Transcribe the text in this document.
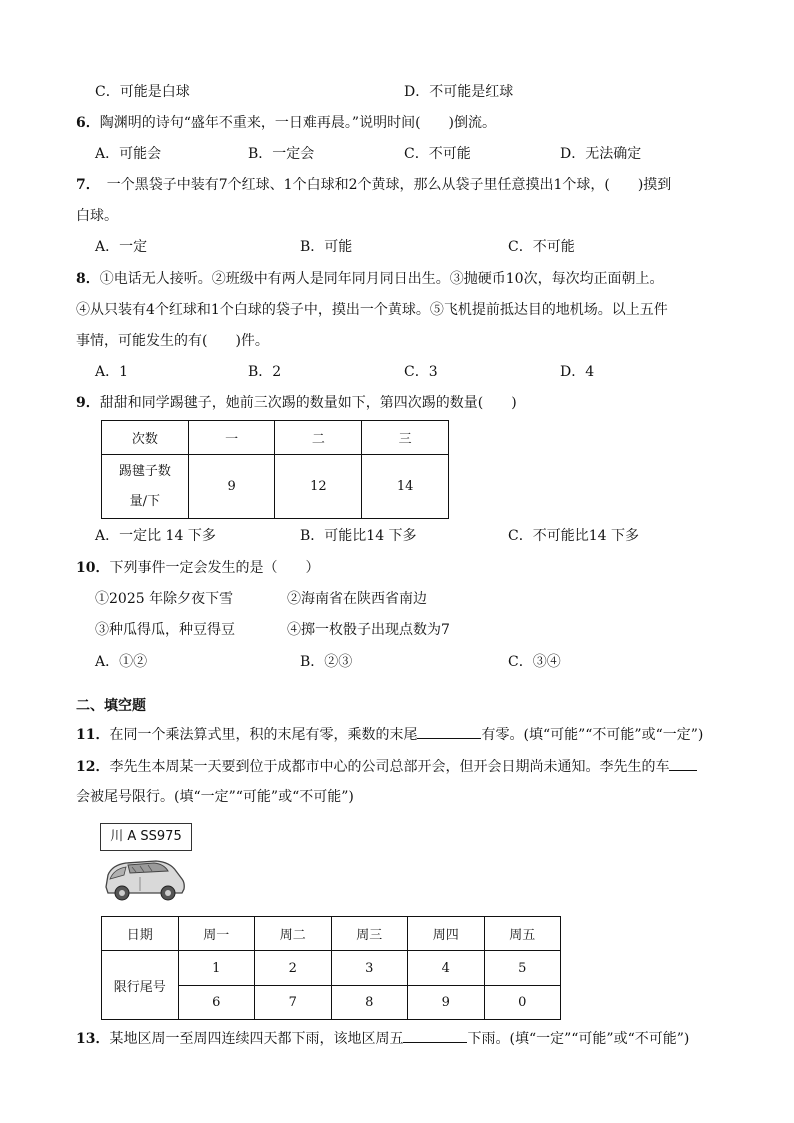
C．可能是白球	D．不可能是红球
6．陶渊明的诗句“盛年不重来，一日难再晨。”说明时间(　　)倒流。
A．可能会	B．一定会	C．不可能	D．无法确定
7．　一个黑袋子中装有7个红球、1个白球和2个黄球，那么从袋子里任意摸出1个球，(　　)摸到
白球。
A．一定	B．可能	C．不可能
8．①电话无人接听。②班级中有两人是同年同月同日出生。③抛硬币10次，每次均正面朝上。
④从只装有4个红球和1个白球的袋子中，摸出一个黄球。⑤飞机提前抵达目的地机场。以上五件
事情，可能发生的有(　　)件。
A．1	B．2	C．3	D．4
9．甜甜和同学踢毽子，她前三次踢的数量如下，第四次踢的数量(　　)
次数	一	二	三
踢毽子数
量/下	9	12	14
A．一定比 14 下多	B．可能比14 下多	C．不可能比14 下多
10．下列事件一定会发生的是（　　）
①2025 年除夕夜下雪	②海南省在陕西省南边
③种瓜得瓜，种豆得豆	④掷一枚骰子出现点数为7
A．①②	B．②③	C．③④
二、填空题
11．在同一个乘法算式里，积的末尾有零，乘数的末尾	有零。(填“可能”“不可能”或“一定”)
12．李先生本周某一天要到位于成都市中心的公司总部开会，但开会日期尚未通知。李先生的车
会被尾号限行。(填“一定”“可能”或“不可能”)
川 A SS975
日期	周一	周二	周三	周四	周五
限行尾号	1	2	3	4	5
	6	7	8	9	0
13．某地区周一至周四连续四天都下雨，该地区周五	下雨。(填“一定”“可能”或“不可能”)
